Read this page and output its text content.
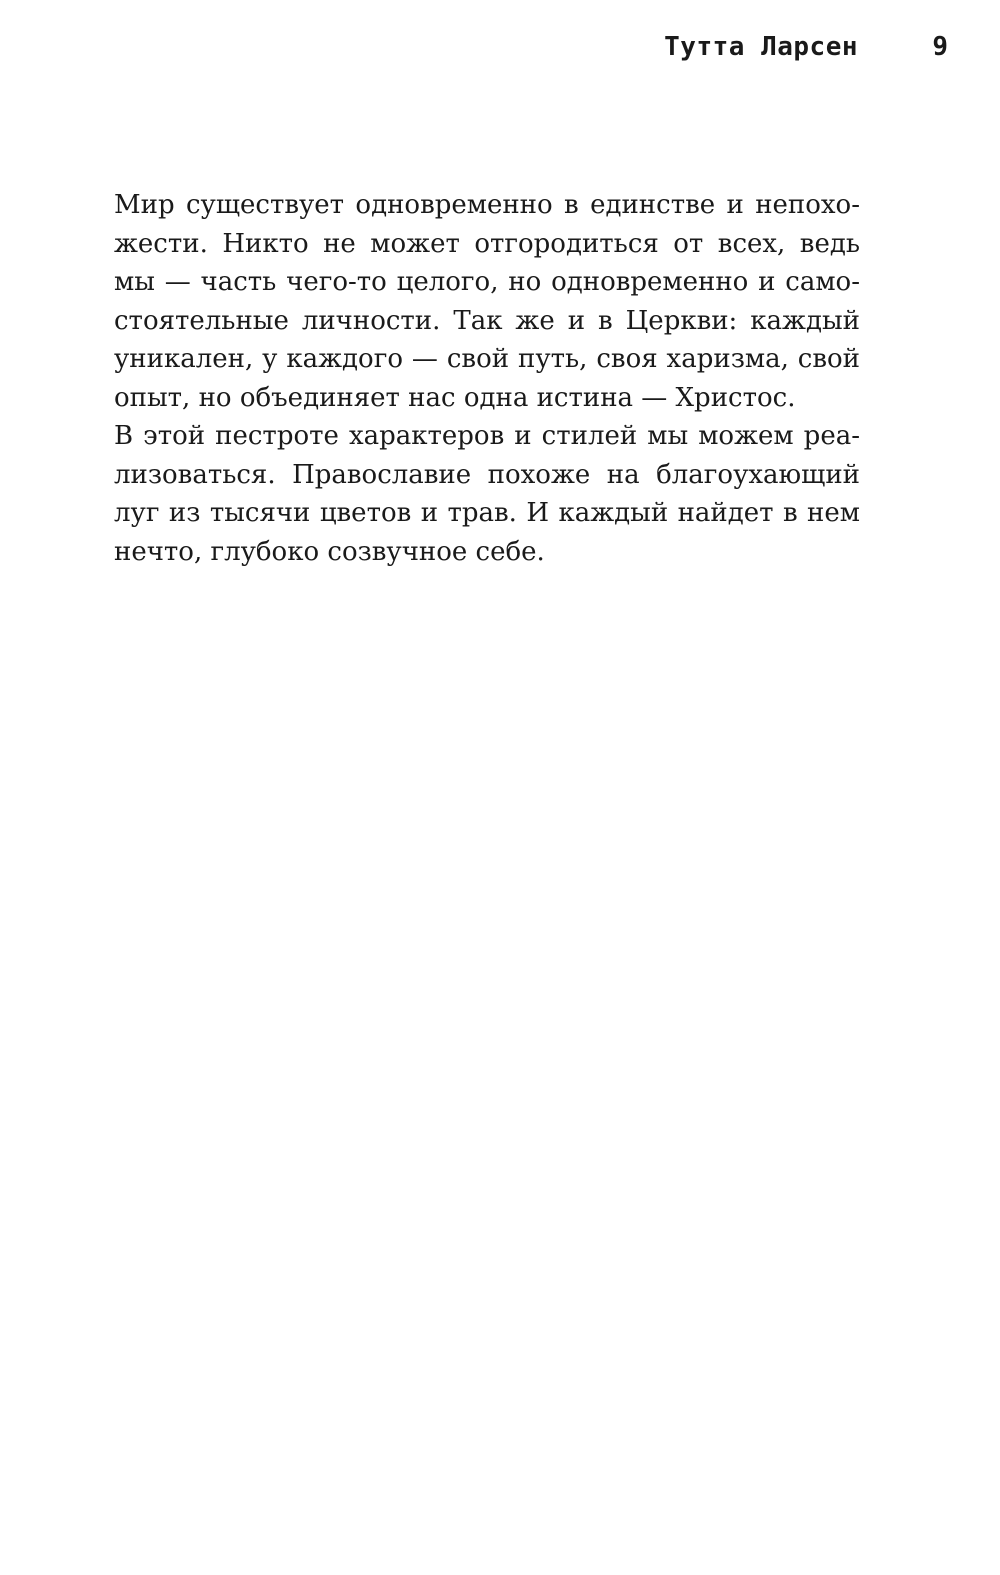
Тутта Ларсен	9
Мир существует одновременно в единстве и непохо-
жести. Никто не может отгородиться от всех, ведь
мы — часть чего-то целого, но одновременно и само-
стоятельные личности. Так же и в Церкви: каждый
уникален, у каждого — свой путь, своя харизма, свой
опыт, но объединяет нас одна истина — Христос.
В этой пестроте характеров и стилей мы можем реа-
лизоваться. Православие похоже на благоухающий
луг из тысячи цветов и трав. И каждый найдет в нем
нечто, глубоко созвучное себе.
